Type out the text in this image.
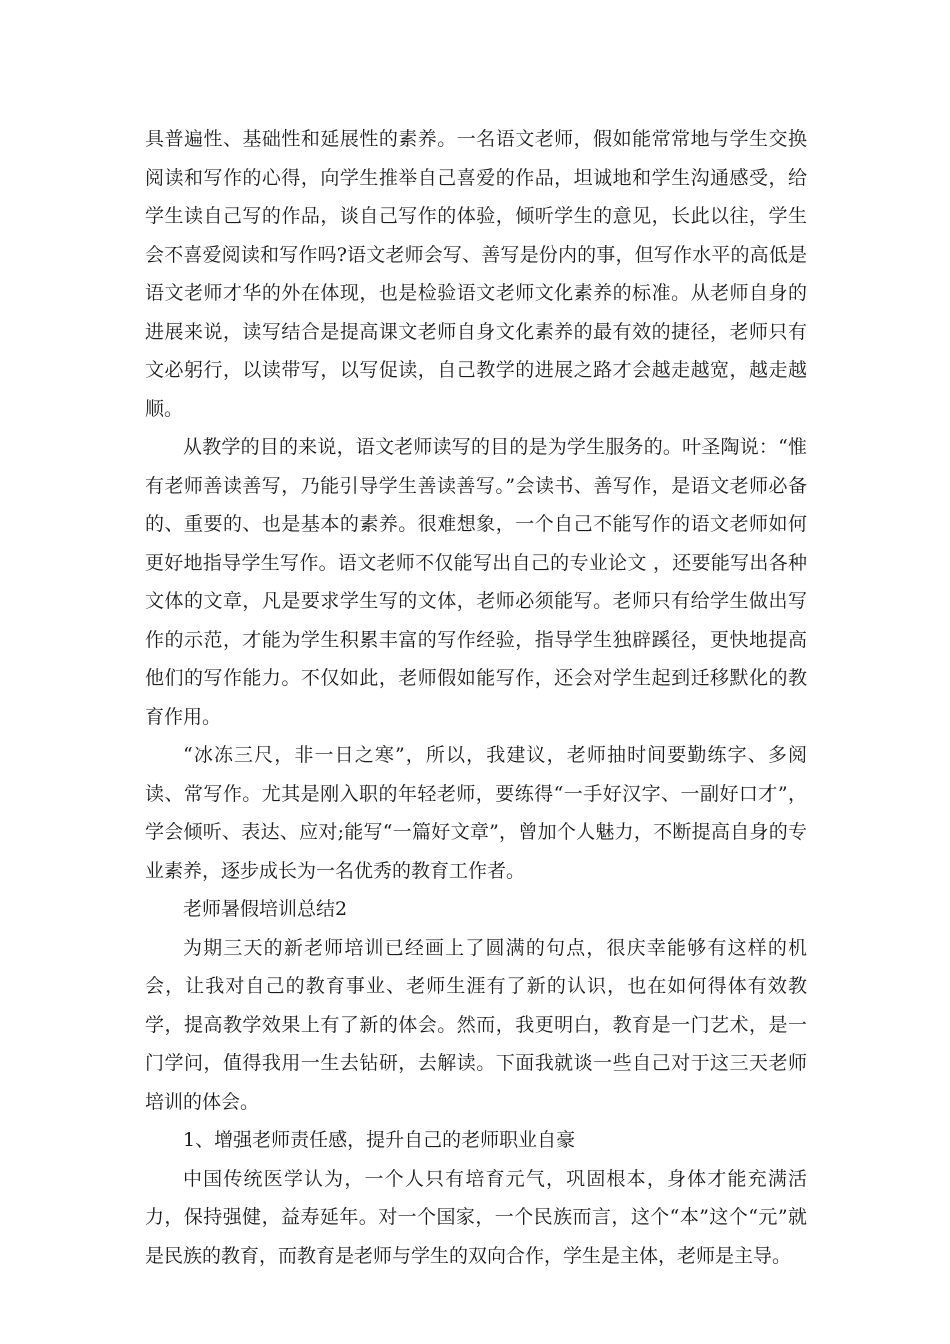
具普遍性、基础性和延展性的素养。一名语文老师，假如能常常地与学生交换阅读和写作的心得，向学生推举自己喜爱的作品，坦诚地和学生沟通感受，给学生读自己写的作品，谈自己写作的体验，倾听学生的意见，长此以往，学生会不喜爱阅读和写作吗?语文老师会写、善写是份内的事，但写作水平的高低是语文老师才华的外在体现，也是检验语文老师文化素养的标准。从老师自身的进展来说，读写结合是提高课文老师自身文化素养的最有效的捷径，老师只有文必躬行，以读带写，以写促读，自己教学的进展之路才会越走越宽，越走越顺。

从教学的目的来说，语文老师读写的目的是为学生服务的。叶圣陶说：“惟有老师善读善写，乃能引导学生善读善写。”会读书、善写作，是语文老师必备的、重要的、也是基本的素养。很难想象，一个自己不能写作的语文老师如何更好地指导学生写作。语文老师不仅能写出自己的专业论文 ，还要能写出各种文体的文章，凡是要求学生写的文体，老师必须能写。老师只有给学生做出写作的示范，才能为学生积累丰富的写作经验，指导学生独辟蹊径，更快地提高他们的写作能力。不仅如此，老师假如能写作，还会对学生起到迁移默化的教育作用。

“冰冻三尺，非一日之寒”，所以，我建议，老师抽时间要勤练字、多阅读、常写作。尤其是刚入职的年轻老师，要练得“一手好汉字、一副好口才”，学会倾听、表达、应对;能写“一篇好文章”，曾加个人魅力，不断提高自身的专业素养，逐步成长为一名优秀的教育工作者。

老师暑假培训总结2

为期三天的新老师培训已经画上了圆满的句点，很庆幸能够有这样的机会，让我对自己的教育事业、老师生涯有了新的认识，也在如何得体有效教学，提高教学效果上有了新的体会。然而，我更明白，教育是一门艺术，是一门学问，值得我用一生去钻研，去解读。下面我就谈一些自己对于这三天老师培训的体会。

1、增强老师责任感，提升自己的老师职业自豪

中国传统医学认为，一个人只有培育元气，巩固根本，身体才能充满活力，保持强健，益寿延年。对一个国家，一个民族而言，这个“本”这个“元”就是民族的教育，而教育是老师与学生的双向合作，学生是主体，老师是主导。
